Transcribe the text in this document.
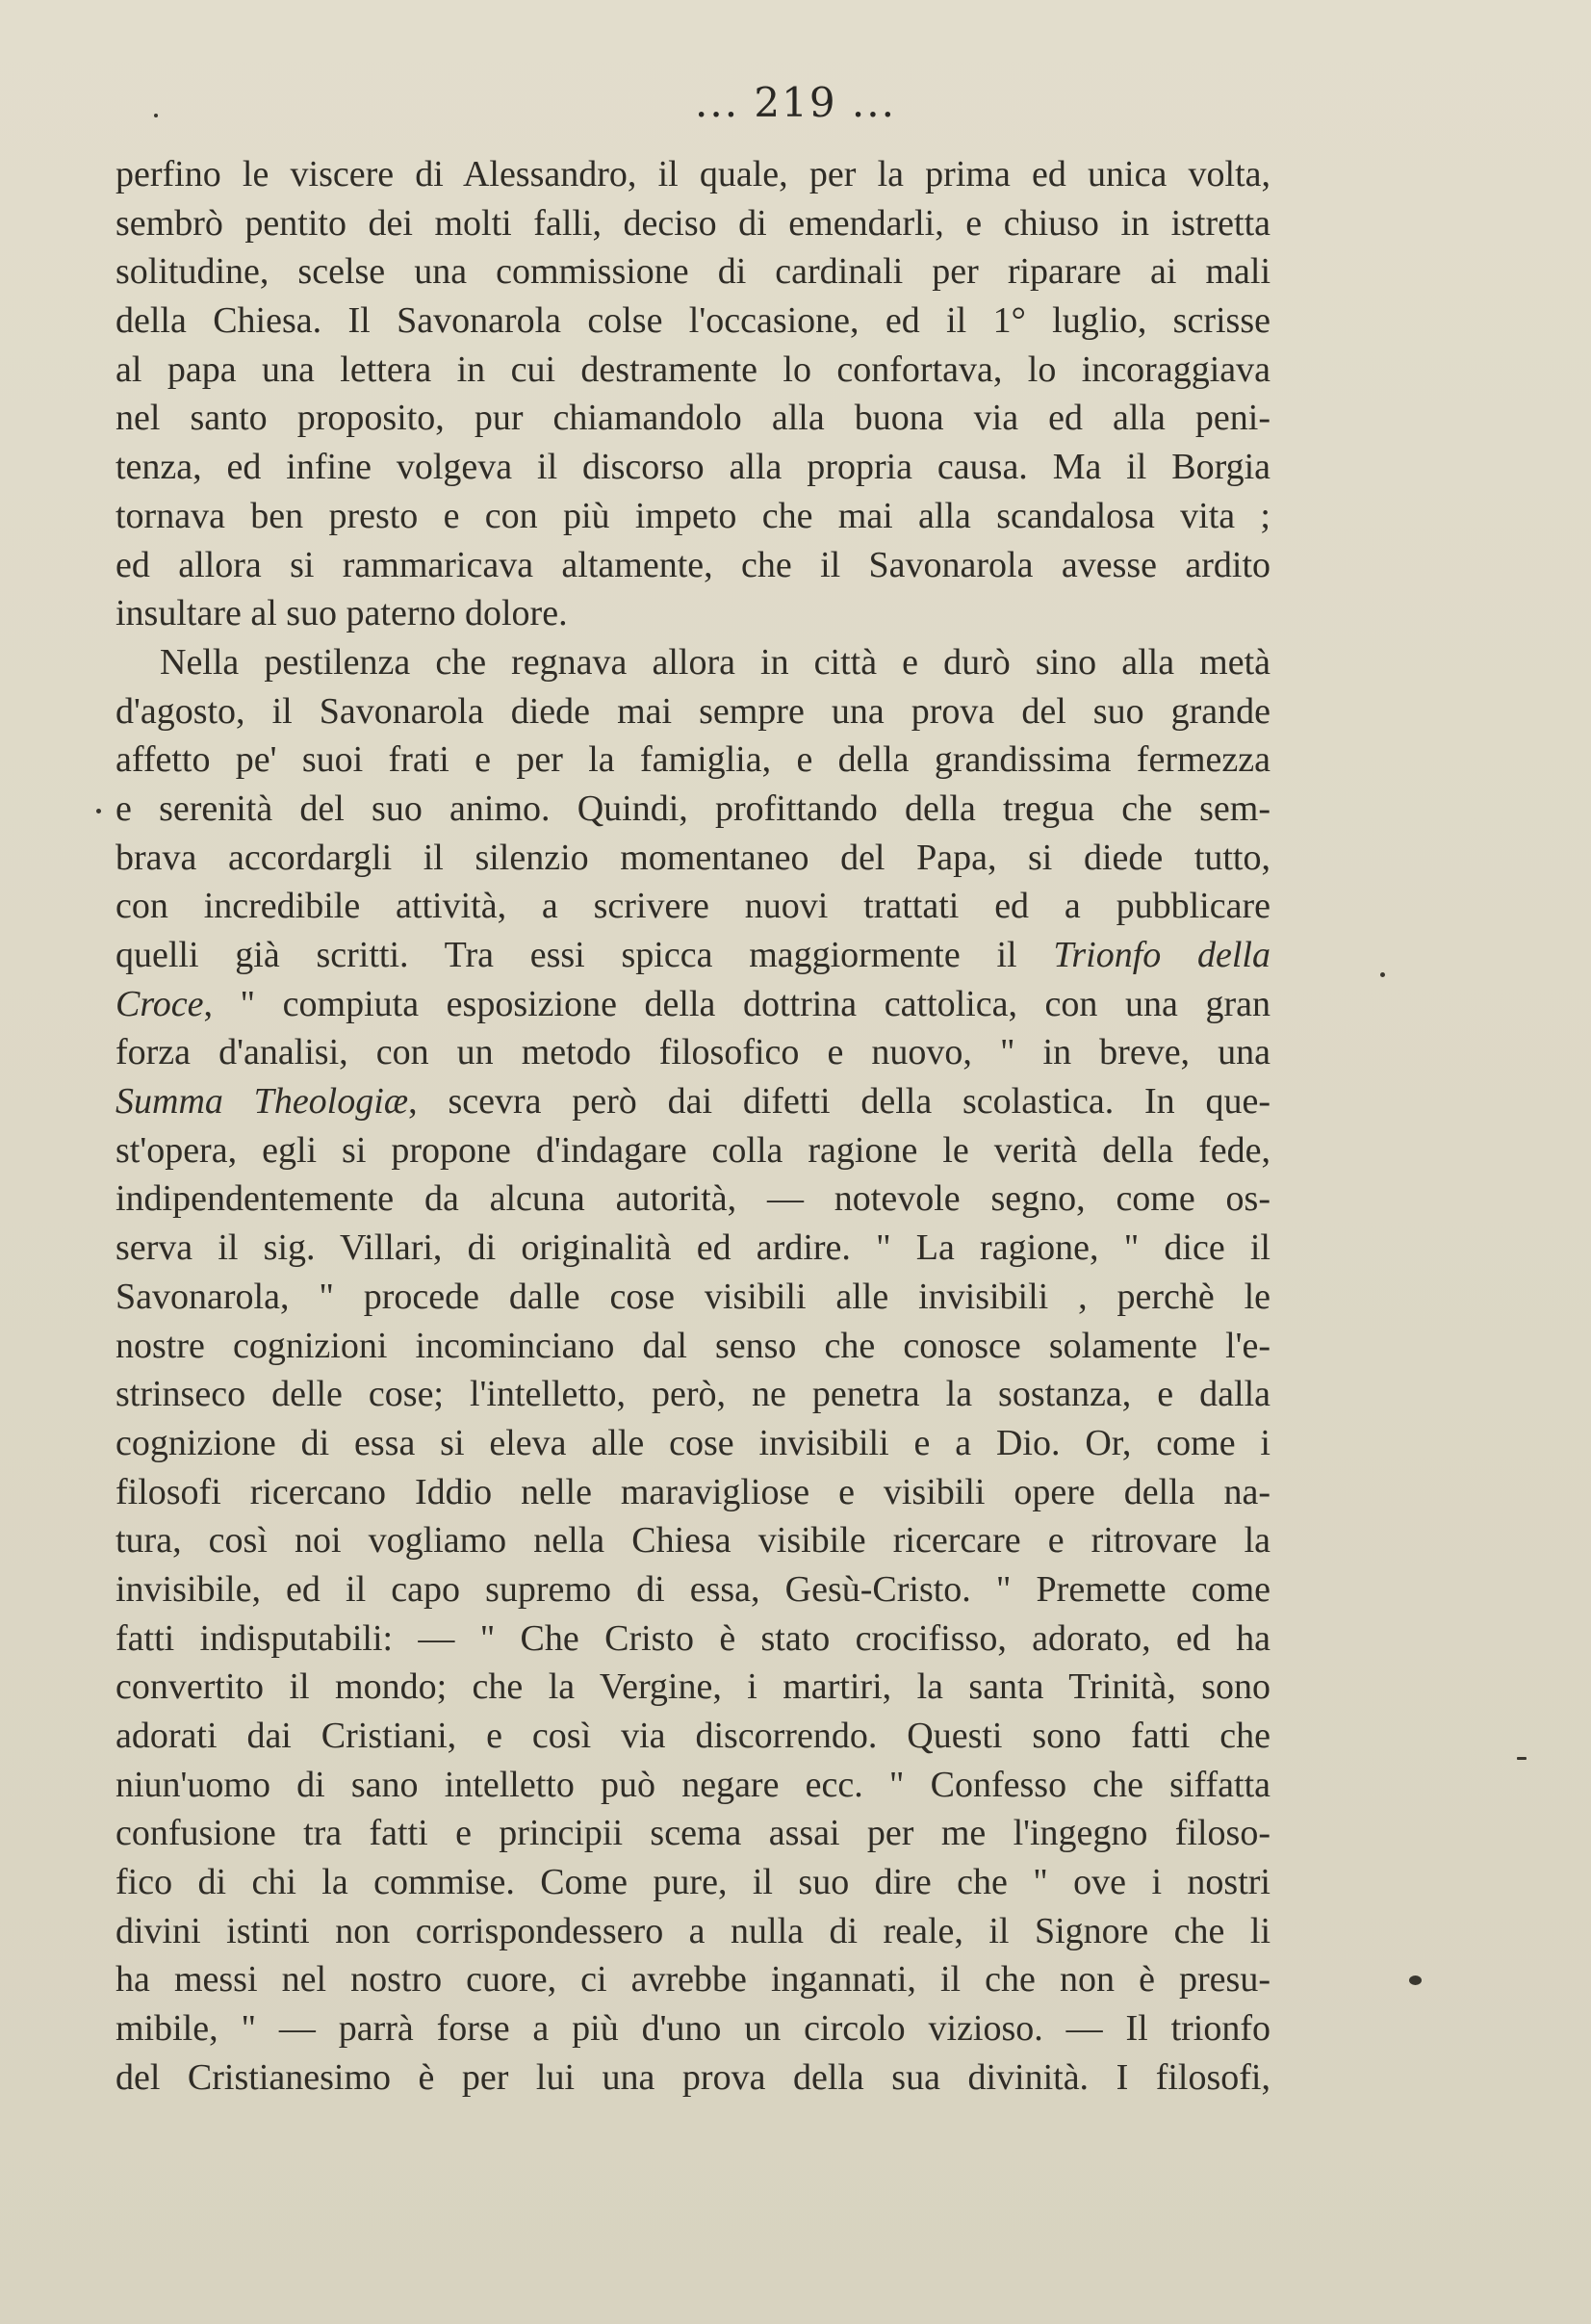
... 219 ...
perfino le viscere di Alessandro, il quale, per la prima ed unica volta,
sembrò pentito dei molti falli, deciso di emendarli, e chiuso in istretta
solitudine, scelse una commissione di cardinali per riparare ai mali
della Chiesa. Il Savonarola colse l'occasione, ed il 1° luglio, scrisse
al papa una lettera in cui destramente lo confortava, lo incoraggiava
nel santo proposito, pur chiamandolo alla buona via ed alla peni-
tenza, ed infine volgeva il discorso alla propria causa. Ma il Borgia
tornava ben presto e con più impeto che mai alla scandalosa vita ;
ed allora si rammaricava altamente, che il Savonarola avesse ardito
insultare al suo paterno dolore.
Nella pestilenza che regnava allora in città e durò sino alla metà
d'agosto, il Savonarola diede mai sempre una prova del suo grande
affetto pe' suoi frati e per la famiglia, e della grandissima fermezza
e serenità del suo animo. Quindi, profittando della tregua che sem-
brava accordargli il silenzio momentaneo del Papa, si diede tutto,
con incredibile attività, a scrivere nuovi trattati ed a pubblicare
quelli già scritti. Tra essi spicca maggiormente il Trionfo della
Croce, " compiuta esposizione della dottrina cattolica, con una gran
forza d'analisi, con un metodo filosofico e nuovo, " in breve, una
Summa Theologiæ, scevra però dai difetti della scolastica. In que-
st'opera, egli si propone d'indagare colla ragione le verità della fede,
indipendentemente da alcuna autorità, — notevole segno, come os-
serva il sig. Villari, di originalità ed ardire. " La ragione, " dice il
Savonarola, " procede dalle cose visibili alle invisibili , perchè le
nostre cognizioni incominciano dal senso che conosce solamente l'e-
strinseco delle cose; l'intelletto, però, ne penetra la sostanza, e dalla
cognizione di essa si eleva alle cose invisibili e a Dio. Or, come i
filosofi ricercano Iddio nelle maravigliose e visibili opere della na-
tura, così noi vogliamo nella Chiesa visibile ricercare e ritrovare la
invisibile, ed il capo supremo di essa, Gesù-Cristo. " Premette come
fatti indisputabili: — " Che Cristo è stato crocifisso, adorato, ed ha
convertito il mondo; che la Vergine, i martiri, la santa Trinità, sono
adorati dai Cristiani, e così via discorrendo. Questi sono fatti che
niun'uomo di sano intelletto può negare ecc. " Confesso che siffatta
confusione tra fatti e principii scema assai per me l'ingegno filoso-
fico di chi la commise. Come pure, il suo dire che " ove i nostri
divini istinti non corrispondessero a nulla di reale, il Signore che li
ha messi nel nostro cuore, ci avrebbe ingannati, il che non è presu-
mibile, " — parrà forse a più d'uno un circolo vizioso. — Il trionfo
del Cristianesimo è per lui una prova della sua divinità. I filosofi,
